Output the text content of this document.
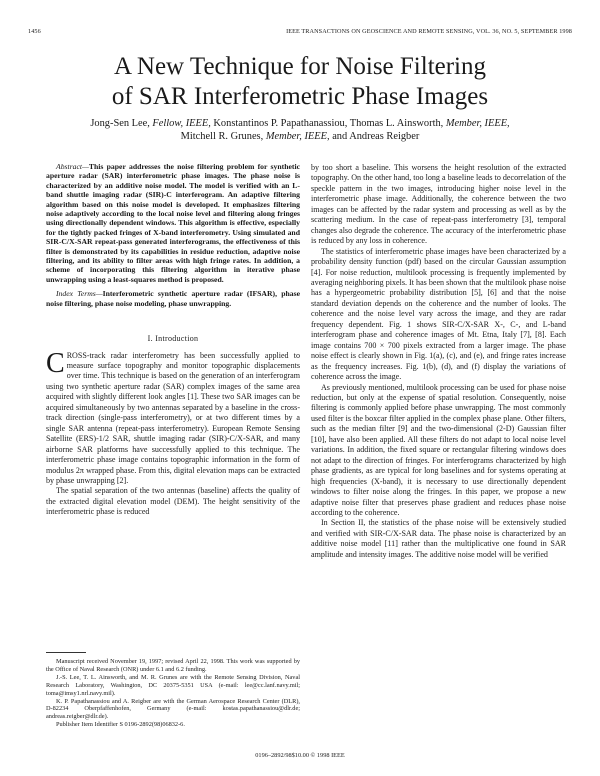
1456	IEEE TRANSACTIONS ON GEOSCIENCE AND REMOTE SENSING, VOL. 36, NO. 5, SEPTEMBER 1998
A New Technique for Noise Filtering
of SAR Interferometric Phase Images
Jong-Sen Lee, Fellow, IEEE, Konstantinos P. Papathanassiou, Thomas L. Ainsworth, Member, IEEE,
Mitchell R. Grunes, Member, IEEE, and Andreas Reigber

Abstract—This paper addresses the noise filtering problem for synthetic aperture radar (SAR) interferometric phase images. The phase noise is characterized by an additive noise model. The model is verified with an L-band shuttle imaging radar (SIR)-C interferogram. An adaptive filtering algorithm based on this noise model is developed. It emphasizes filtering noise adaptively according to the local noise level and filtering along fringes using directionally dependent windows. This algorithm is effective, especially for the tightly packed fringes of X-band interferometry. Using simulated and SIR-C/X-SAR repeat-pass generated interferograms, the effectiveness of this filter is demonstrated by its capabilities in residue reduction, adaptive noise filtering, and its ability to filter areas with high fringe rates. In addition, a scheme of incorporating this filtering algorithm in iterative phase unwrapping using a least-squares method is proposed.

Index Terms—Interferometric synthetic aperture radar (IFSAR), phase noise filtering, phase noise modeling, phase unwrapping.

I. Introduction

CROSS-track radar interferometry has been successfully applied to measure surface topography and monitor topographic displacements over time. This technique is based on the generation of an interferogram using two synthetic aperture radar (SAR) complex images of the same area acquired with slightly different look angles [1]. These two SAR images can be acquired simultaneously by two antennas separated by a baseline in the cross-track direction (single-pass interferometry), or at two different times by a single SAR antenna (repeat-pass interferometry). European Remote Sensing Satellite (ERS)-1/2 SAR, shuttle imaging radar (SIR)-C/X-SAR, and many airborne SAR platforms have successfully applied to this technique. The interferometric phase image contains topographic information in the form of modulus 2π wrapped phase. From this, digital elevation maps can be extracted by phase unwrapping [2].

The spatial separation of the two antennas (baseline) affects the quality of the extracted digital elevation model (DEM). The height sensitivity of the interferometric phase is reduced

Manuscript received November 19, 1997; revised April 22, 1998. This work was supported by the Office of Naval Research (ONR) under 6.1 and 6.2 funding.

J.-S. Lee, T. L. Ainsworth, and M. R. Grunes are with the Remote Sensing Division, Naval Research Laboratory, Washington, DC 20375-5351 USA (e-mail: lee@cc.lanf.navy.mil; toma@imsy1.nrl.navy.mil).

K. P. Papathanassiou and A. Reigber are with the German Aerospace Research Center (DLR), D-82234 Oberpfaffenhofen, Germany (e-mail: kostas.papathanassiou@dlr.de; andreas.reigber@dlr.de).

Publisher Item Identifier S 0196-2892(98)06832-6.

by too short a baseline. This worsens the height resolution of the extracted topography. On the other hand, too long a baseline leads to decorrelation of the speckle pattern in the two images, introducing higher noise level in the interferometric phase image. Additionally, the coherence between the two images can be affected by the radar system and processing as well as by the scattering medium. In the case of repeat-pass interferometry [3], temporal changes also degrade the coherence. The accuracy of the interferometric phase is reduced by any loss in coherence.

The statistics of interferometric phase images have been characterized by a probability density function (pdf) based on the circular Gaussian assumption [4]. For noise reduction, multilook processing is frequently implemented by averaging neighboring pixels. It has been shown that the multilook phase noise has a hypergeometric probability distribution [5], [6] and that the noise standard deviation depends on the coherence and the number of looks. The coherence and the noise level vary across the image, and they are radar frequency dependent. Fig. 1 shows SIR-C/X-SAR X-, C-, and L-band interferogram phase and coherence images of Mt. Etna, Italy [7], [8]. Each image contains 700 × 700 pixels extracted from a larger image. The phase noise effect is clearly shown in Fig. 1(a), (c), and (e), and fringe rates increase as the frequency increases. Fig. 1(b), (d), and (f) display the variations of coherence across the image.

As previously mentioned, multilook processing can be used for phase noise reduction, but only at the expense of spatial resolution. Consequently, noise filtering is commonly applied before phase unwrapping. The most commonly used filter is the boxcar filter applied in the complex phase plane. Other filters, such as the median filter [9] and the two-dimensional (2-D) Gaussian filter [10], have also been applied. All these filters do not adapt to local noise level variations. In addition, the fixed square or rectangular filtering windows does not adapt to the direction of fringes. For interferograms characterized by high phase gradients, as are typical for long baselines and for systems operating at high frequencies (X-band), it is necessary to use directionally dependent windows to filter noise along the fringes. In this paper, we propose a new adaptive noise filter that preserves phase gradient and reduces phase noise according to the coherence.

In Section II, the statistics of the phase noise will be extensively studied and verified with SIR-C/X-SAR data. The phase noise is characterized by an additive noise model [11] rather than the multiplicative one found in SAR amplitude and intensity images. The additive noise model will be verified

0196–2892/98$10.00 © 1998 IEEE
